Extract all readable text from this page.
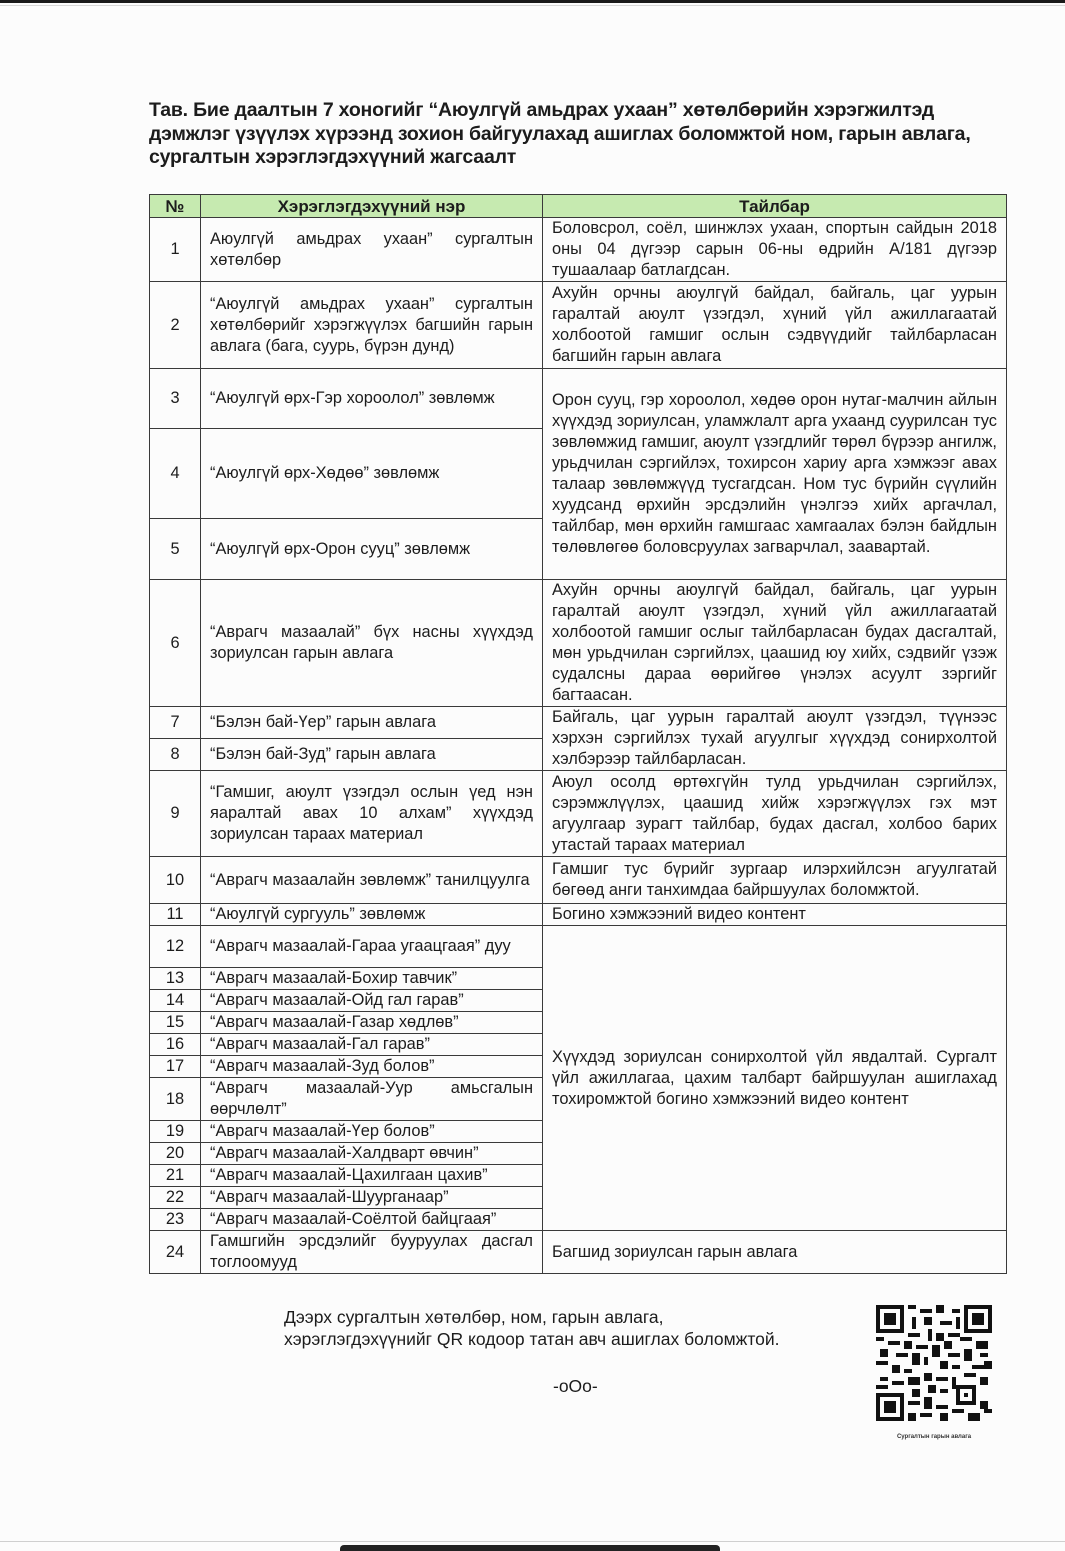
Тав. Бие даалтын 7 хоногийг “Аюулгүй амьдрах ухаан” хөтөлбөрийн хэрэгжилтэд
дэмжлэг үзүүлэх хүрээнд зохион байгуулахад ашиглах боломжтой ном, гарын авлага,
сургалтын хэрэглэгдэхүүний жагсаалт
№	Хэрэглэгдэхүүний нэр	Тайлбар
1	Аюулгүй амьдрах ухаан” сургалтын хөтөлбөр	Боловсрол, соёл, шинжлэх ухаан, спортын сайдын 2018 оны 04 дүгээр сарын 06-ны өдрийн А/181 дүгээр тушаалаар батлагдсан.
2	“Аюулгүй амьдрах ухаан” сургалтын хөтөлбөрийг хэрэгжүүлэх багшийн гарын авлага (бага, суурь, бүрэн дунд)	Ахуйн орчны аюулгүй байдал, байгаль, цаг уурын гаралтай аюулт үзэгдэл, хүний үйл ажиллагаатай холбоотой гамшиг ослын сэдвүүдийг тайлбарласан багшийн гарын авлага
3	“Аюулгүй өрх-Гэр хороолол” зөвлөмж	Орон сууц, гэр хороолол, хөдөө орон нутаг-малчин айлын хүүхдэд зориулсан, уламжлалт арга ухаанд суурилсан тус зөвлөмжид гамшиг, аюулт үзэгдлийг төрөл бүрээр ангилж, урьдчилан сэргийлэх, тохирсон хариу арга хэмжээг авах талаар зөвлөмжүүд тусгагдсан. Ном тус бүрийн сүүлийн хуудсанд өрхийн эрсдэлийн үнэлгээ хийх аргачлал, тайлбар, мөн өрхийн гамшгаас хамгаалах бэлэн байдлын төлөвлөгөө боловсруулах загварчлал, заавартай.
4	“Аюулгүй өрх-Хөдөө” зөвлөмж	
5	“Аюулгүй өрх-Орон сууц” зөвлөмж	
6	“Аврагч мазаалай” бүх насны хүүхдэд зориулсан гарын авлага	Ахуйн орчны аюулгүй байдал, байгаль, цаг уурын гаралтай аюулт үзэгдэл, хүний үйл ажиллагаатай холбоотой гамшиг ослыг тайлбарласан будах дасгалтай, мөн урьдчилан сэргийлэх, цаашид юу хийх, сэдвийг үзэж судалсны дараа өөрийгөө үнэлэх асуулт зэргийг багтаасан.
7	“Бэлэн бай-Үер” гарын авлага	Байгаль, цаг уурын гаралтай аюулт үзэгдэл, түүнээс хэрхэн сэргийлэх тухай агуулгыг хүүхдэд сонирхолтой хэлбэрээр тайлбарласан.
8	“Бэлэн бай-Зуд” гарын авлага	
9	“Гамшиг, аюулт үзэгдэл ослын үед нэн яаралтай авах 10 алхам” хүүхдэд зориулсан тараах материал	Аюул осолд өртөхгүйн тулд урьдчилан сэргийлэх, сэрэмжлүүлэх, цаашид хийж хэрэгжүүлэх гэх мэт агуулгаар зурагт тайлбар, будах дасгал, холбоо барих утастай тараах материал
10	“Аврагч мазаалайн зөвлөмж” танилцуулга	Гамшиг тус бүрийг зургаар илэрхийлсэн агуулгатай бөгөөд анги танхимдаа байршуулах боломжтой.
11	“Аюулгүй сургууль” зөвлөмж	Богино хэмжээний видео контент
12	“Аврагч мазаалай-Гараа угаацгаая” дуу	Хүүхдэд зориулсан сонирхолтой үйл явдалтай. Сургалт үйл ажиллагаа, цахим талбарт байршуулан ашиглахад тохиромжтой богино хэмжээний видео контент
13	“Аврагч мазаалай-Бохир тавчик”	
14	“Аврагч мазаалай-Ойд гал гарав”	
15	“Аврагч мазаалай-Газар хөдлөв”	
16	“Аврагч мазаалай-Гал гарав”	
17	“Аврагч мазаалай-Зуд болов”	
18	“Аврагч мазаалай-Уур амьсгалын өөрчлөлт”	
19	“Аврагч мазаалай-Үер болов”	
20	“Аврагч мазаалай-Халдварт өвчин”	
21	“Аврагч мазаалай-Цахилгаан цахив”	
22	“Аврагч мазаалай-Шуурганаар”	
23	“Аврагч мазаалай-Соёлтой байцгаая”	
24	Гамшгийн эрсдэлийг бууруулах дасгал тоглоомууд	Багшид зориулсан гарын авлага
Дээрх сургалтын хөтөлбөр, ном, гарын авлага,
хэрэглэгдэхүүнийг QR кодоор татан авч ашиглах боломжтой.
-oOo-
Сургалтын гарын авлага
